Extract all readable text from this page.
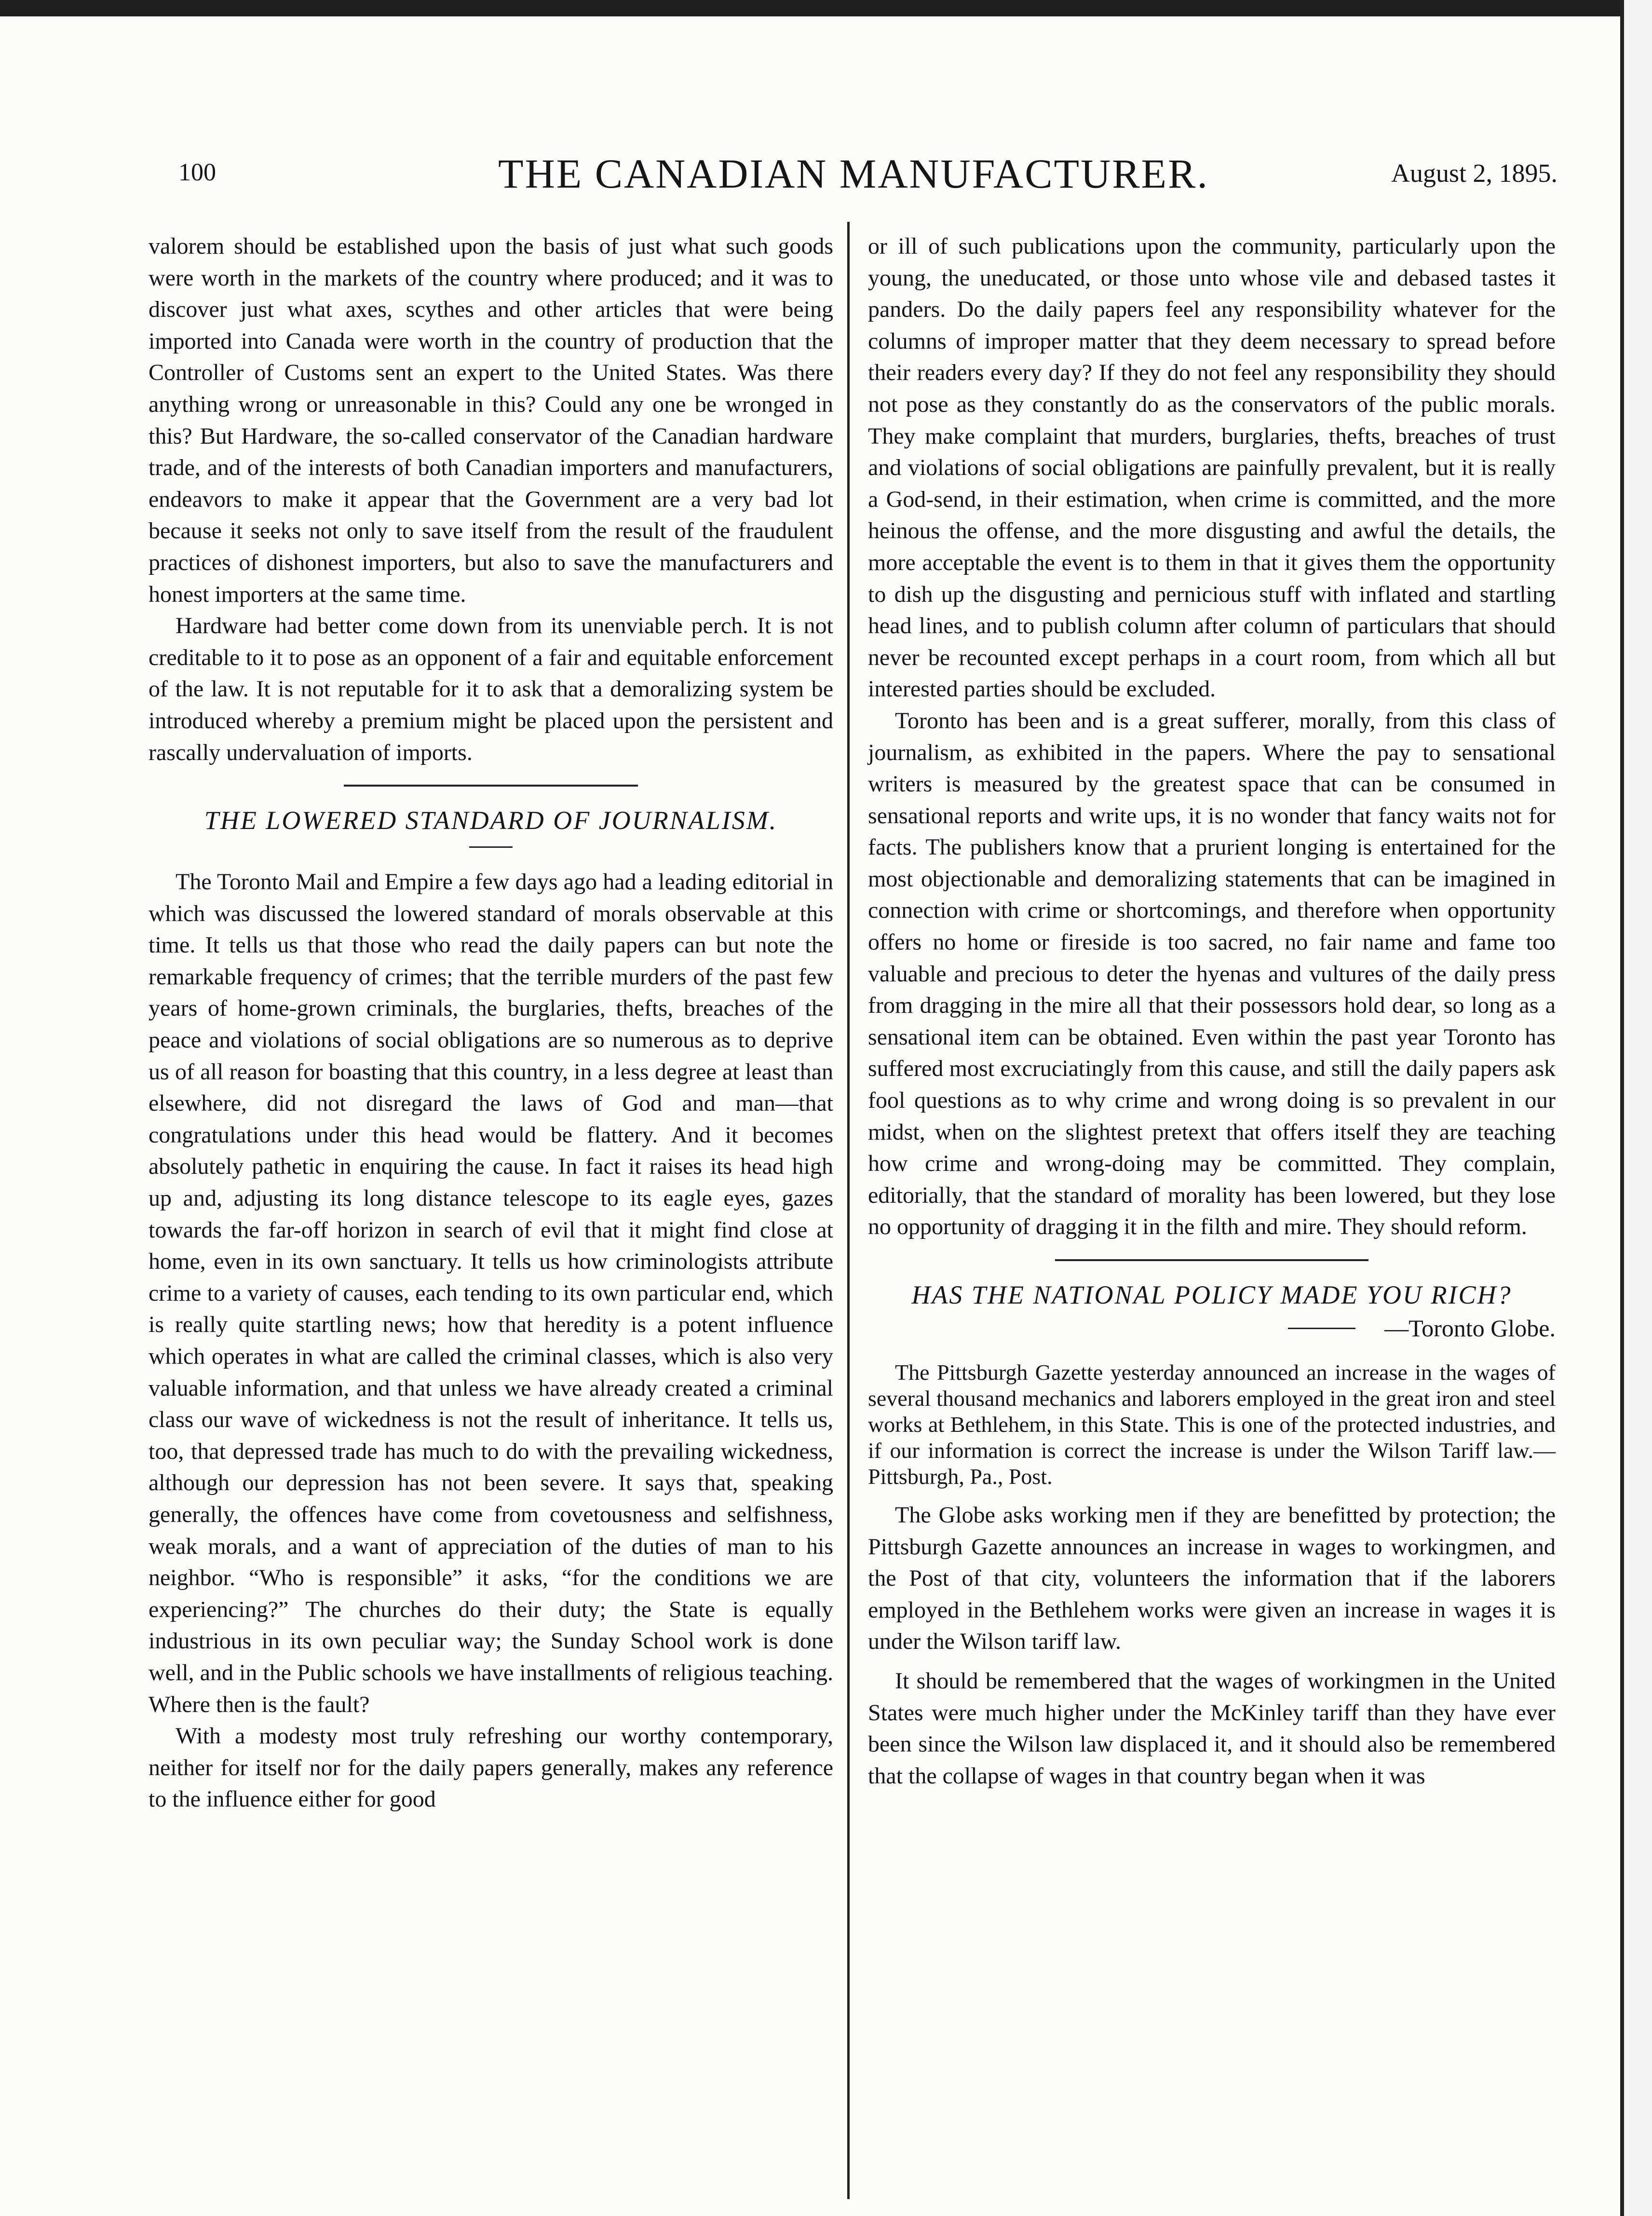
100	THE CANADIAN MANUFACTURER.	August 2, 1895.

valorem should be established upon the basis of just what such goods were worth in the markets of the country where produced; and it was to discover just what axes, scythes and other articles that were being imported into Canada were worth in the country of production that the Controller of Customs sent an expert to the United States. Was there anything wrong or unreasonable in this? Could any one be wronged in this? But Hardware, the so-called conservator of the Canadian hardware trade, and of the interests of both Canadian importers and manufacturers, endeavors to make it appear that the Government are a very bad lot because it seeks not only to save itself from the result of the fraudulent practices of dishonest importers, but also to save the manufacturers and honest importers at the same time.

Hardware had better come down from its unenviable perch. It is not creditable to it to pose as an opponent of a fair and equitable enforcement of the law. It is not reputable for it to ask that a demoralizing system be introduced whereby a premium might be placed upon the persistent and rascally undervaluation of imports.

THE LOWERED STANDARD OF JOURNALISM.

The Toronto Mail and Empire a few days ago had a leading editorial in which was discussed the lowered standard of morals observable at this time. It tells us that those who read the daily papers can but note the remarkable frequency of crimes; that the terrible murders of the past few years of home-grown criminals, the burglaries, thefts, breaches of the peace and violations of social obligations are so numerous as to deprive us of all reason for boasting that this country, in a less degree at least than elsewhere, did not disregard the laws of God and man—that congratulations under this head would be flattery. And it becomes absolutely pathetic in enquiring the cause. In fact it raises its head high up and, adjusting its long distance telescope to its eagle eyes, gazes towards the far-off horizon in search of evil that it might find close at home, even in its own sanctuary. It tells us how criminologists attribute crime to a variety of causes, each tending to its own particular end, which is really quite startling news; how that heredity is a potent influence which operates in what are called the criminal classes, which is also very valuable information, and that unless we have already created a criminal class our wave of wickedness is not the result of inheritance. It tells us, too, that depressed trade has much to do with the prevailing wickedness, although our depression has not been severe. It says that, speaking generally, the offences have come from covetousness and selfishness, weak morals, and a want of appreciation of the duties of man to his neighbor. “Who is responsible” it asks, “for the conditions we are experiencing?” The churches do their duty; the State is equally industrious in its own peculiar way; the Sunday School work is done well, and in the Public schools we have installments of religious teaching. Where then is the fault?

With a modesty most truly refreshing our worthy contemporary, neither for itself nor for the daily papers generally, makes any reference to the influence either for good

or ill of such publications upon the community, particularly upon the young, the uneducated, or those unto whose vile and debased tastes it panders. Do the daily papers feel any responsibility whatever for the columns of improper matter that they deem necessary to spread before their readers every day? If they do not feel any responsibility they should not pose as they constantly do as the conservators of the public morals. They make complaint that murders, burglaries, thefts, breaches of trust and violations of social obligations are painfully prevalent, but it is really a God-send, in their estimation, when crime is committed, and the more heinous the offense, and the more disgusting and awful the details, the more acceptable the event is to them in that it gives them the opportunity to dish up the disgusting and pernicious stuff with inflated and startling head lines, and to publish column after column of particulars that should never be recounted except perhaps in a court room, from which all but interested parties should be excluded.

Toronto has been and is a great sufferer, morally, from this class of journalism, as exhibited in the papers. Where the pay to sensational writers is measured by the greatest space that can be consumed in sensational reports and write ups, it is no wonder that fancy waits not for facts. The publishers know that a prurient longing is entertained for the most objectionable and demoralizing statements that can be imagined in connection with crime or shortcomings, and therefore when opportunity offers no home or fireside is too sacred, no fair name and fame too valuable and precious to deter the hyenas and vultures of the daily press from dragging in the mire all that their possessors hold dear, so long as a sensational item can be obtained. Even within the past year Toronto has suffered most excruciatingly from this cause, and still the daily papers ask fool questions as to why crime and wrong doing is so prevalent in our midst, when on the slightest pretext that offers itself they are teaching how crime and wrong-doing may be committed. They complain, editorially, that the standard of morality has been lowered, but they lose no opportunity of dragging it in the filth and mire. They should reform.

HAS THE NATIONAL POLICY MADE YOU RICH?
—Toronto Globe.

The Pittsburgh Gazette yesterday announced an increase in the wages of several thousand mechanics and laborers employed in the great iron and steel works at Bethlehem, in this State. This is one of the protected industries, and if our information is correct the increase is under the Wilson Tariff law.—Pittsburgh, Pa., Post.

The Globe asks working men if they are benefitted by protection; the Pittsburgh Gazette announces an increase in wages to workingmen, and the Post of that city, volunteers the information that if the laborers employed in the Bethlehem works were given an increase in wages it is under the Wilson tariff law.

It should be remembered that the wages of workingmen in the United States were much higher under the McKinley tariff than they have ever been since the Wilson law displaced it, and it should also be remembered that the collapse of wages in that country began when it was
